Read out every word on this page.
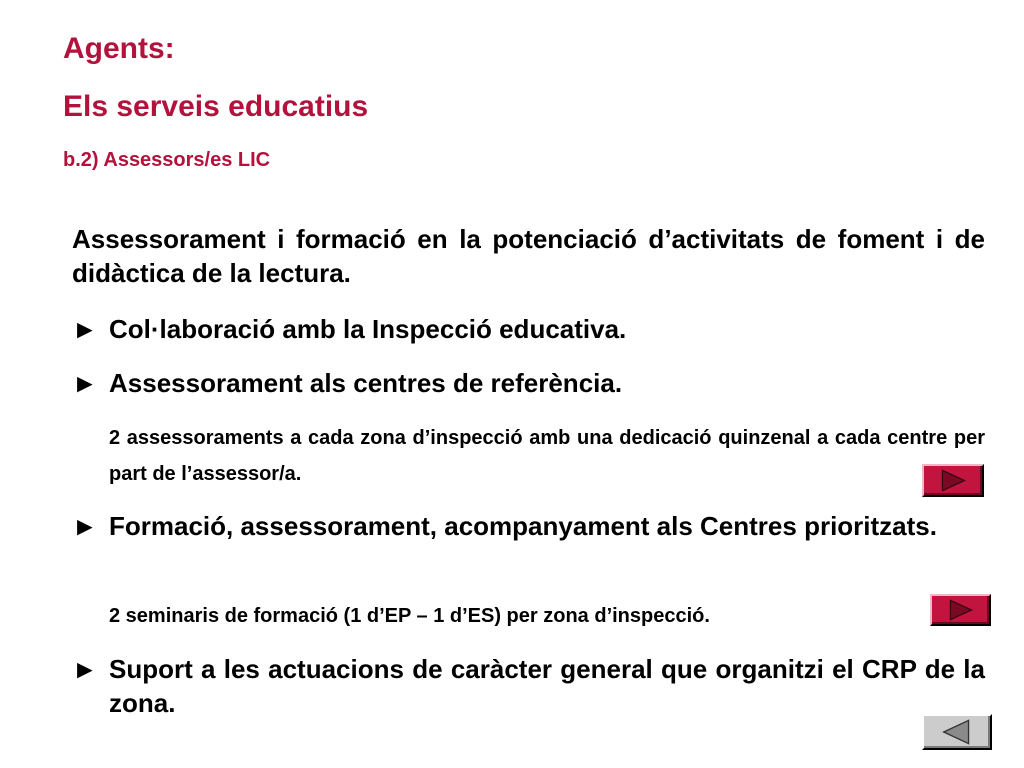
Agents:
Els serveis educatius
b.2) Assessors/es LIC
Assessorament i formació en la potenciació d’activitats de foment i de didàctica de la lectura.
► Col·laboració amb la Inspecció educativa.
► Assessorament als centres de referència.
2 assessoraments a cada zona d’inspecció amb una dedicació quinzenal a cada centre per part de l’assessor/a.
► Formació, assessorament, acompanyament als Centres prioritzats.
2 seminaris de formació (1 d’EP – 1 d’ES) per zona d’inspecció.
► Suport a les actuacions de caràcter general que organitzi el CRP de la zona.
